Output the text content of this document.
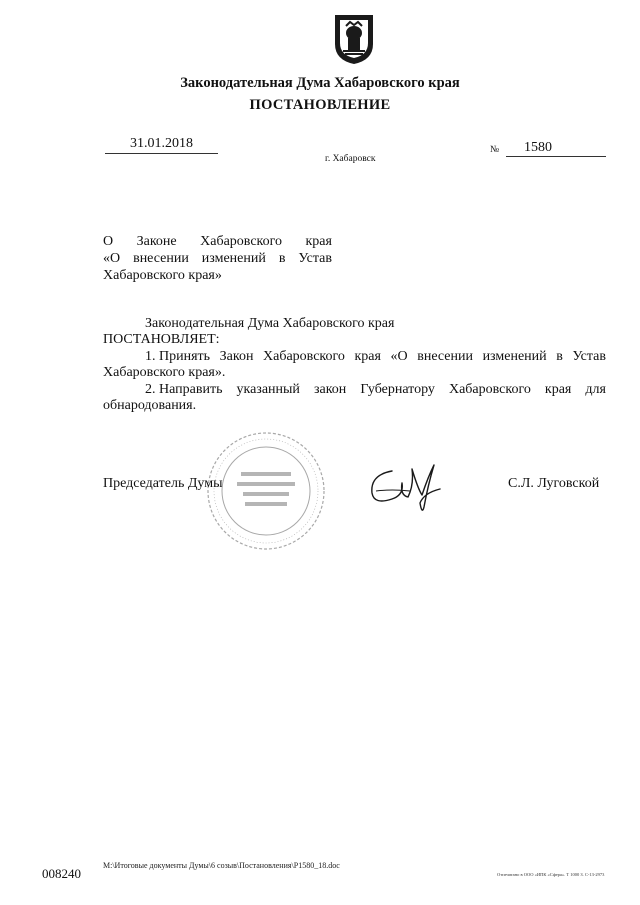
Законодательная Дума Хабаровского края
ПОСТАНОВЛЕНИЕ
31.01.2018	№	1580
г. Хабаровск
О Законе Хабаровского края
«О внесении изменений в Устав
Хабаровского края»
Законодательная Дума Хабаровского края
ПОСТАНОВЛЯЕТ:
1. Принять Закон Хабаровского края «О внесении изменений в Устав
Хабаровского края».
2. Направить указанный закон Губернатору Хабаровского края для
обнародования.
Председатель Думы	С.Л. Луговской
008240
M:\Итоговые документы Думы\6 созыв\Постановления\Р1580_18.doc
Отпечатано в ООО «ИПК «Сфера». Т 1000 З. С-13-2973
